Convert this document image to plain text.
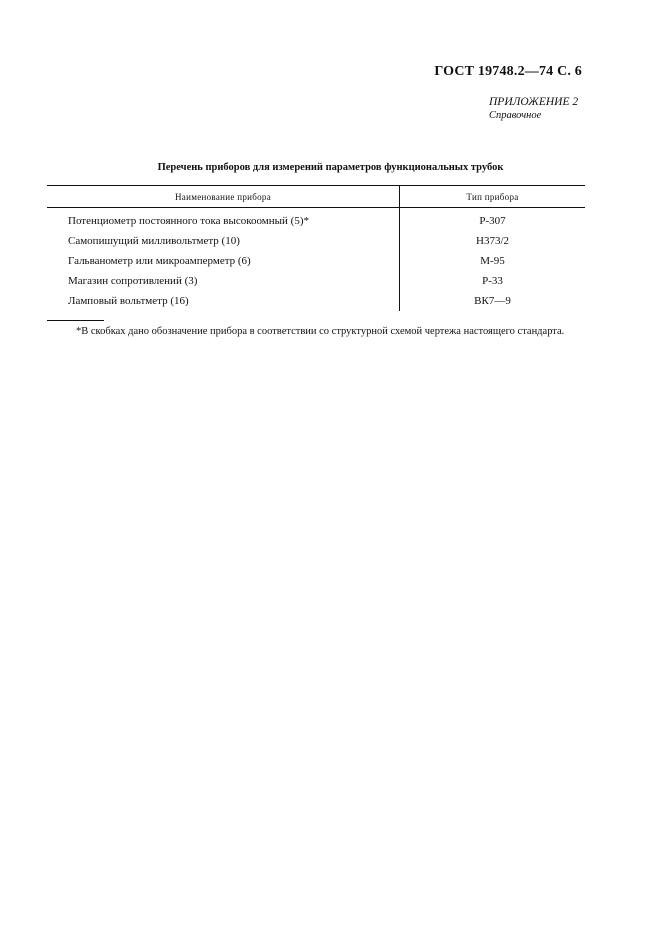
ГОСТ 19748.2—74 С. 6
ПРИЛОЖЕНИЕ 2
Справочное
Перечень приборов для измерений параметров функциональных трубок
Наименование прибора	Тип прибора
Потенциометр постоянного тока высокоомный (5)*	Р-307
Самопишущий милливольтметр (10)	Н373/2
Гальванометр или микроамперметр (6)	М-95
Магазин сопротивлений (3)	Р-33
Ламповый вольтметр (16)	ВК7—9
*В скобках дано обозначение прибора в соответствии со структурной схемой чертежа настоящего стандарта.
